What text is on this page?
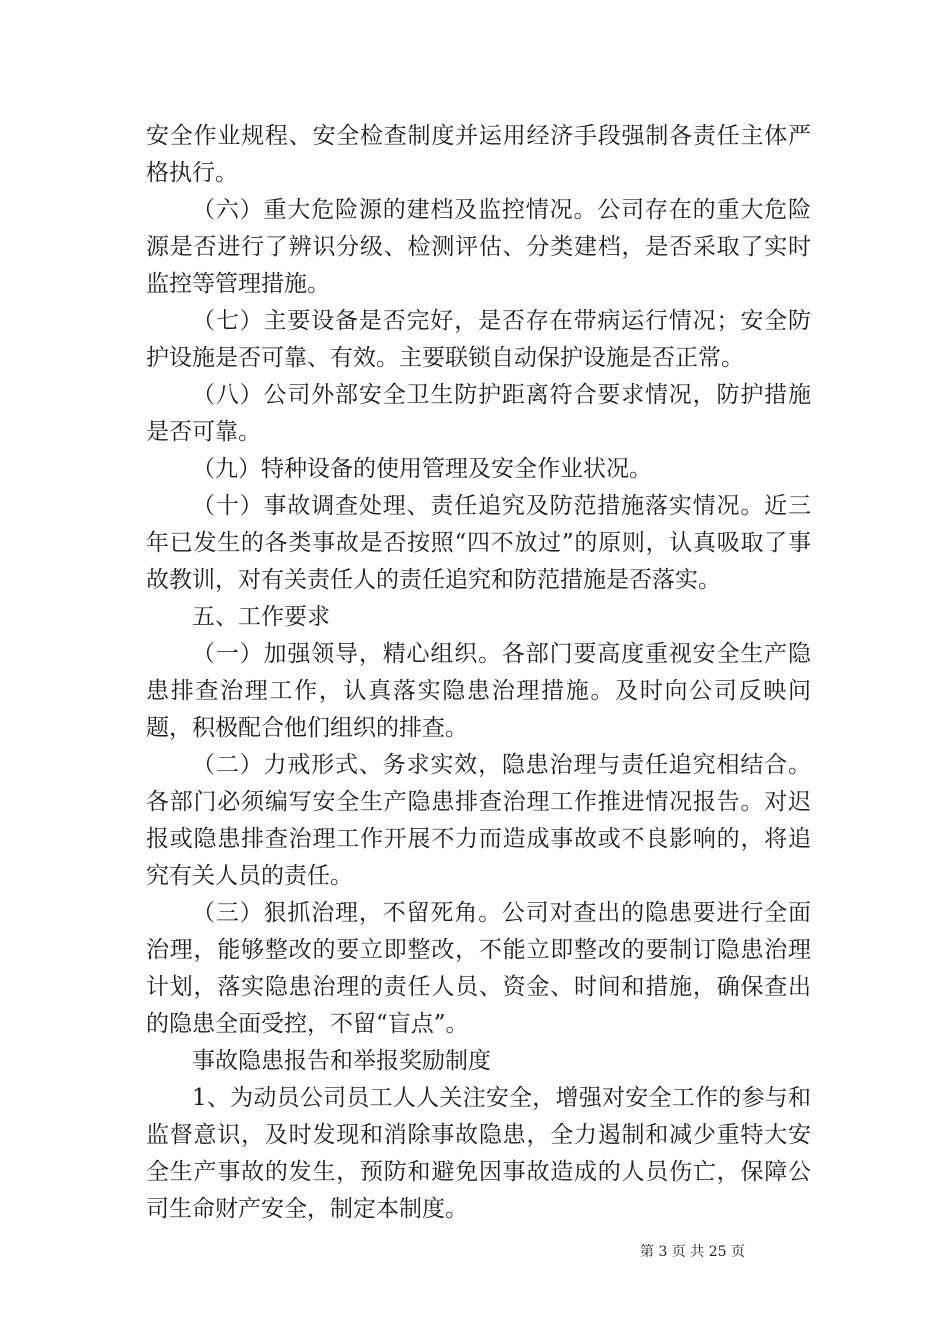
安全作业规程、安全检查制度并运用经济手段强制各责任主体严格执行。

（六）重大危险源的建档及监控情况。公司存在的重大危险源是否进行了辨识分级、检测评估、分类建档，是否采取了实时监控等管理措施。

（七）主要设备是否完好，是否存在带病运行情况；安全防护设施是否可靠、有效。主要联锁自动保护设施是否正常。

（八）公司外部安全卫生防护距离符合要求情况，防护措施是否可靠。

（九）特种设备的使用管理及安全作业状况。

（十）事故调查处理、责任追究及防范措施落实情况。近三年已发生的各类事故是否按照“四不放过”的原则，认真吸取了事故教训，对有关责任人的责任追究和防范措施是否落实。

五、工作要求

（一）加强领导，精心组织。各部门要高度重视安全生产隐患排查治理工作，认真落实隐患治理措施。及时向公司反映问题，积极配合他们组织的排查。

（二）力戒形式、务求实效，隐患治理与责任追究相结合。各部门必须编写安全生产隐患排查治理工作推进情况报告。对迟报或隐患排查治理工作开展不力而造成事故或不良影响的，将追究有关人员的责任。

（三）狠抓治理，不留死角。公司对查出的隐患要进行全面治理，能够整改的要立即整改，不能立即整改的要制订隐患治理计划，落实隐患治理的责任人员、资金、时间和措施，确保查出的隐患全面受控，不留“盲点”。

事故隐患报告和举报奖励制度

1、为动员公司员工人人关注安全，增强对安全工作的参与和监督意识，及时发现和消除事故隐患，全力遏制和减少重特大安全生产事故的发生，预防和避免因事故造成的人员伤亡，保障公司生命财产安全，制定本制度。

第 3 页 共 25 页
